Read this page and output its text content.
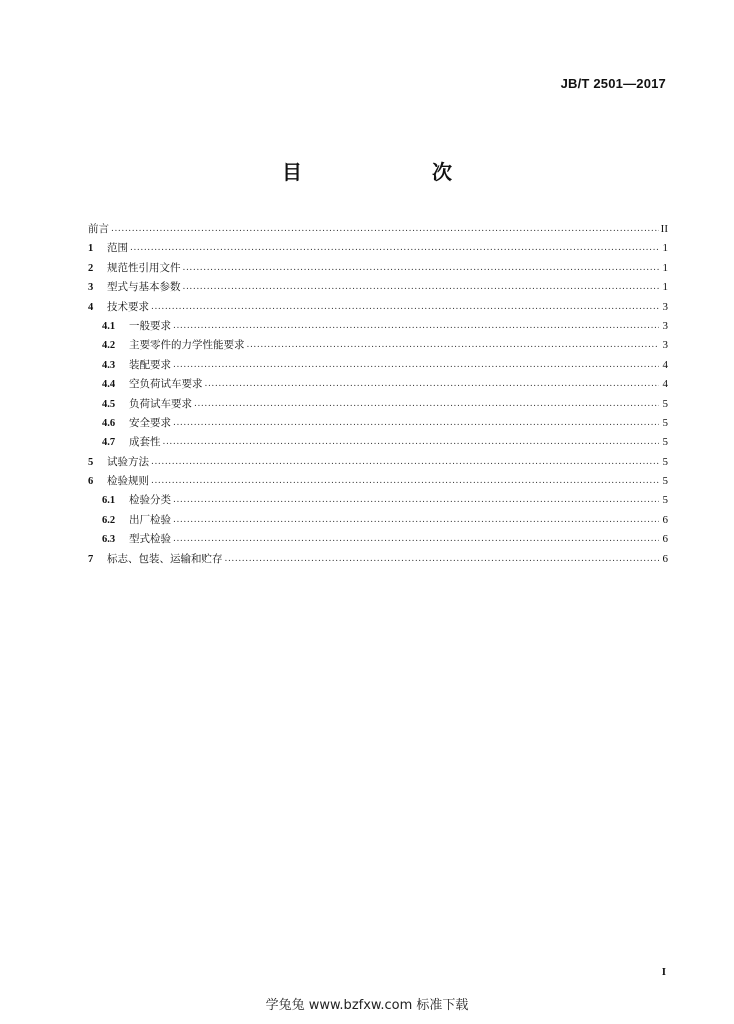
JB/T 2501—2017
目　　次
前言 .....	II
1	范围 .....	1
2	规范性引用文件 .....	1
3	型式与基本参数 .....	1
4	技术要求 .....	3
4.1	一般要求 .....	3
4.2	主要零件的力学性能要求 .....	3
4.3	装配要求 .....	4
4.4	空负荷试车要求 .....	4
4.5	负荷试车要求 .....	5
4.6	安全要求 .....	5
4.7	成套性 .....	5
5	试验方法 .....	5
6	检验规则 .....	5
6.1	检验分类 .....	5
6.2	出厂检验 .....	6
6.3	型式检验 .....	6
7	标志、包装、运输和贮存 .....	6
I
学兔兔 www.bzfxw.com 标准下载
